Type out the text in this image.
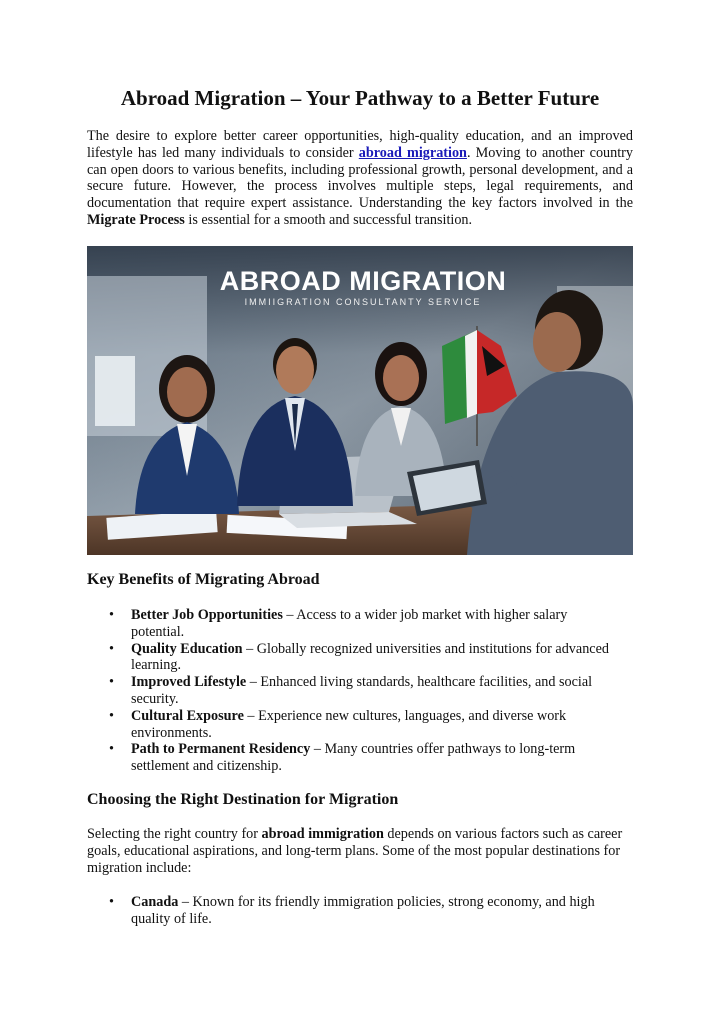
Abroad Migration – Your Pathway to a Better Future

The desire to explore better career opportunities, high-quality education, and an improved lifestyle has led many individuals to consider abroad migration. Moving to another country can open doors to various benefits, including professional growth, personal development, and a secure future. However, the process involves multiple steps, legal requirements, and documentation that require expert assistance. Understanding the key factors involved in the Migrate Process is essential for a smooth and successful transition.

ABROAD MIGRATION
IMMIIGRATION CONSULTANTY SERVICE
Key Benefits of Migrating Abroad
• Better Job Opportunities – Access to a wider job market with higher salary potential.
• Quality Education – Globally recognized universities and institutions for advanced learning.
• Improved Lifestyle – Enhanced living standards, healthcare facilities, and social security.
• Cultural Exposure – Experience new cultures, languages, and diverse work environments.
• Path to Permanent Residency – Many countries offer pathways to long-term settlement and citizenship.
Choosing the Right Destination for Migration

Selecting the right country for abroad immigration depends on various factors such as career goals, educational aspirations, and long-term plans. Some of the most popular destinations for migration include:

• Canada – Known for its friendly immigration policies, strong economy, and high quality of life.
